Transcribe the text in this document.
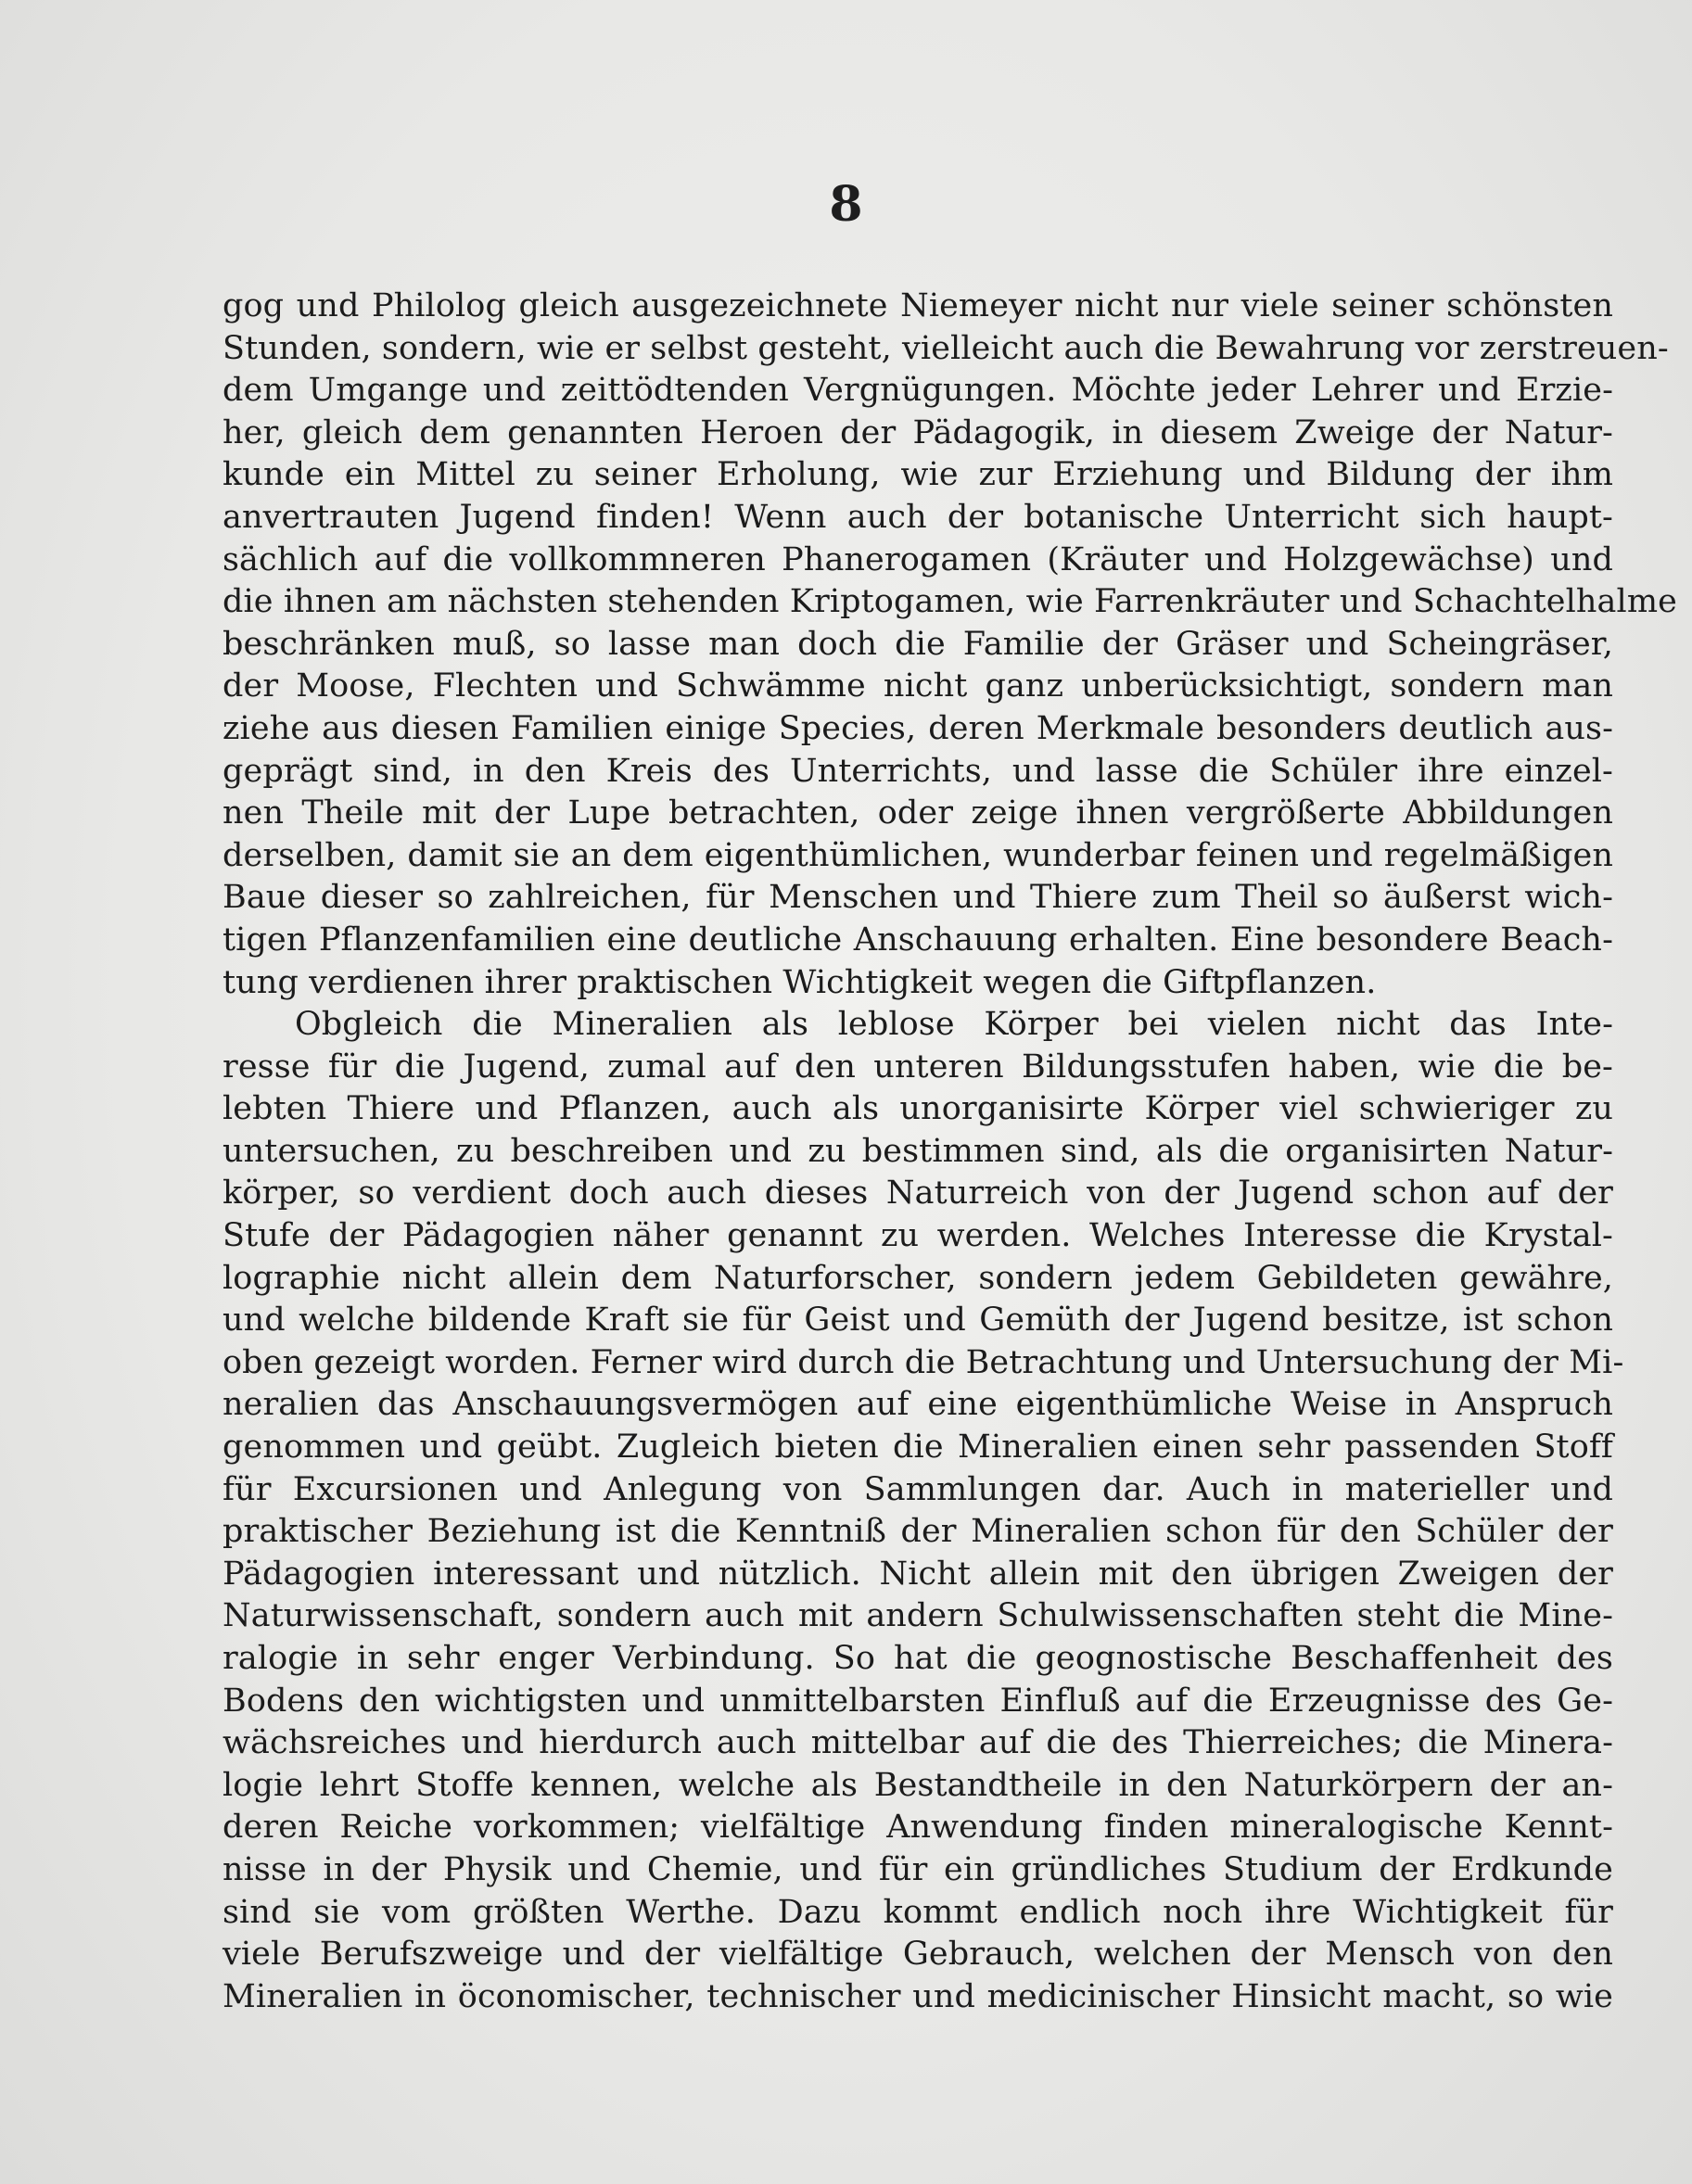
8
gog und Philolog gleich ausgezeichnete Niemeyer nicht nur viele seiner schönsten
Stunden, sondern, wie er selbst gesteht, vielleicht auch die Bewahrung vor zerstreuen-
dem Umgange und zeittödtenden Vergnügungen. Möchte jeder Lehrer und Erzie-
her, gleich dem genannten Heroen der Pädagogik, in diesem Zweige der Natur-
kunde ein Mittel zu seiner Erholung, wie zur Erziehung und Bildung der ihm
anvertrauten Jugend finden! Wenn auch der botanische Unterricht sich haupt-
sächlich auf die vollkommneren Phanerogamen (Kräuter und Holzgewächse) und
die ihnen am nächsten stehenden Kriptogamen, wie Farrenkräuter und Schachtelhalme
beschränken muß, so lasse man doch die Familie der Gräser und Scheingräser,
der Moose, Flechten und Schwämme nicht ganz unberücksichtigt, sondern man
ziehe aus diesen Familien einige Species, deren Merkmale besonders deutlich aus-
geprägt sind, in den Kreis des Unterrichts, und lasse die Schüler ihre einzel-
nen Theile mit der Lupe betrachten, oder zeige ihnen vergrößerte Abbildungen
derselben, damit sie an dem eigenthümlichen, wunderbar feinen und regelmäßigen
Baue dieser so zahlreichen, für Menschen und Thiere zum Theil so äußerst wich-
tigen Pflanzenfamilien eine deutliche Anschauung erhalten. Eine besondere Beach-
tung verdienen ihrer praktischen Wichtigkeit wegen die Giftpflanzen.
Obgleich die Mineralien als leblose Körper bei vielen nicht das Inte-
resse für die Jugend, zumal auf den unteren Bildungsstufen haben, wie die be-
lebten Thiere und Pflanzen, auch als unorganisirte Körper viel schwieriger zu
untersuchen, zu beschreiben und zu bestimmen sind, als die organisirten Natur-
körper, so verdient doch auch dieses Naturreich von der Jugend schon auf der
Stufe der Pädagogien näher genannt zu werden. Welches Interesse die Krystal-
lographie nicht allein dem Naturforscher, sondern jedem Gebildeten gewähre,
und welche bildende Kraft sie für Geist und Gemüth der Jugend besitze, ist schon
oben gezeigt worden. Ferner wird durch die Betrachtung und Untersuchung der Mi-
neralien das Anschauungsvermögen auf eine eigenthümliche Weise in Anspruch
genommen und geübt. Zugleich bieten die Mineralien einen sehr passenden Stoff
für Excursionen und Anlegung von Sammlungen dar. Auch in materieller und
praktischer Beziehung ist die Kenntniß der Mineralien schon für den Schüler der
Pädagogien interessant und nützlich. Nicht allein mit den übrigen Zweigen der
Naturwissenschaft, sondern auch mit andern Schulwissenschaften steht die Mine-
ralogie in sehr enger Verbindung. So hat die geognostische Beschaffenheit des
Bodens den wichtigsten und unmittelbarsten Einfluß auf die Erzeugnisse des Ge-
wächsreiches und hierdurch auch mittelbar auf die des Thierreiches; die Minera-
logie lehrt Stoffe kennen, welche als Bestandtheile in den Naturkörpern der an-
deren Reiche vorkommen; vielfältige Anwendung finden mineralogische Kennt-
nisse in der Physik und Chemie, und für ein gründliches Studium der Erdkunde
sind sie vom größten Werthe. Dazu kommt endlich noch ihre Wichtigkeit für
viele Berufszweige und der vielfältige Gebrauch, welchen der Mensch von den
Mineralien in öconomischer, technischer und medicinischer Hinsicht macht, so wie
